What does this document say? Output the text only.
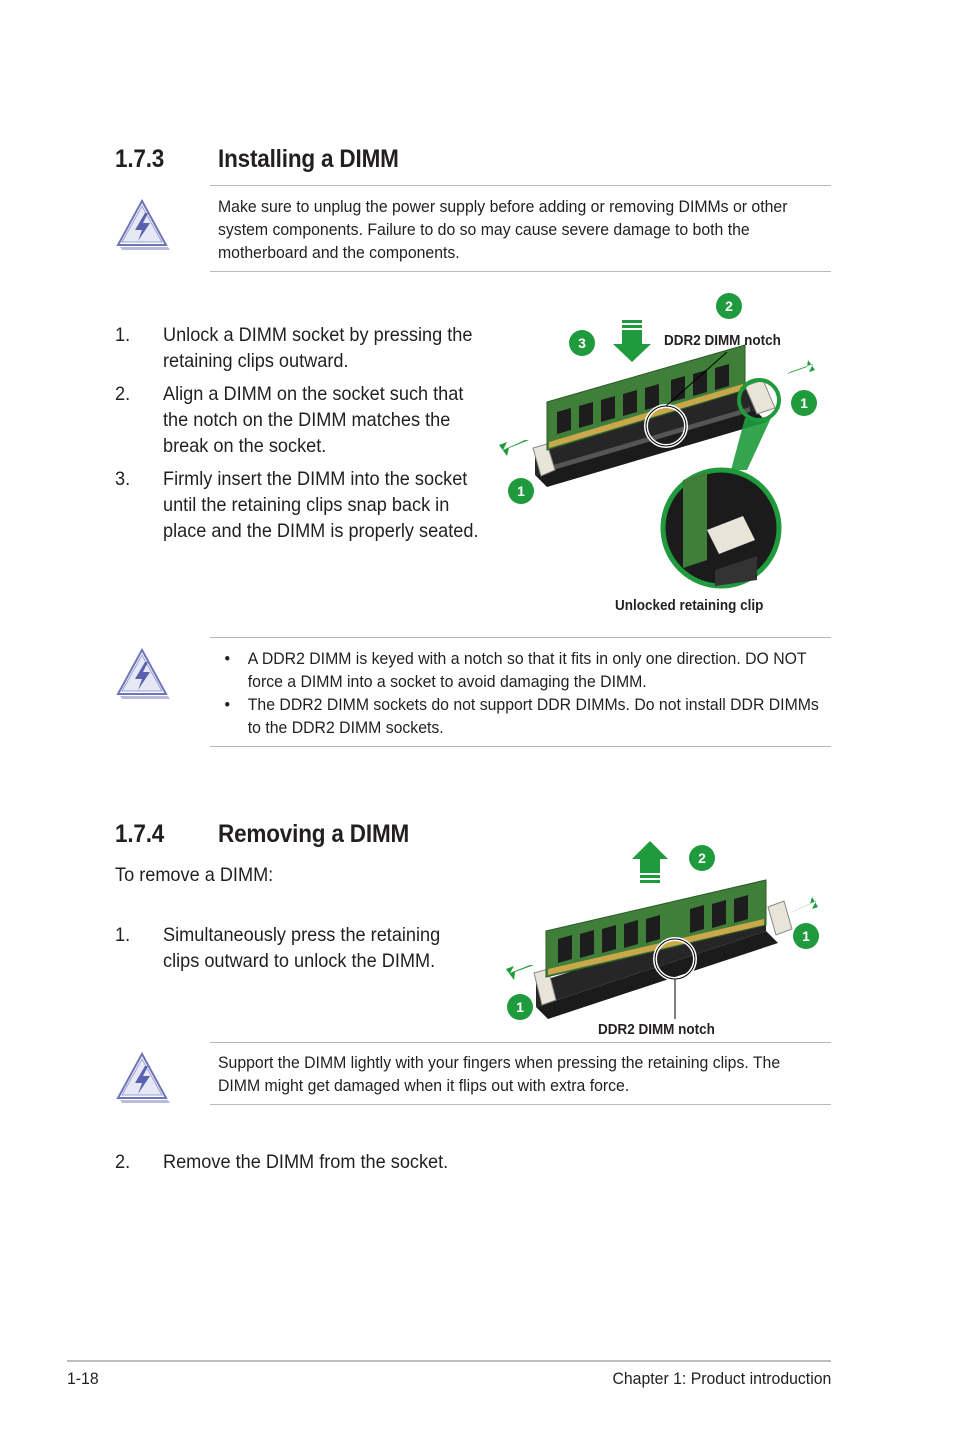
1.7.3 Installing a DIMM
Make sure to unplug the power supply before adding or removing DIMMs or other system components. Failure to do so may cause severe damage to both the motherboard and the components.
1. Unlock a DIMM socket by pressing the retaining clips outward.
2. Align a DIMM on the socket such that the notch on the DIMM matches the break on the socket.
3. Firmly insert the DIMM into the socket until the retaining clips snap back in place and the DIMM is properly seated.
2
3
1
1
DDR2 DIMM notch
Unlocked retaining clip
• A DDR2 DIMM is keyed with a notch so that it fits in only one direction. DO NOT force a DIMM into a socket to avoid damaging the DIMM.
• The DDR2 DIMM sockets do not support DDR DIMMs. Do not install DDR DIMMs to the DDR2 DIMM sockets.
1.7.4 Removing a DIMM
To remove a DIMM:
1. Simultaneously press the retaining clips outward to unlock the DIMM.
2
1
1
DDR2 DIMM notch
Support the DIMM lightly with your fingers when pressing the retaining clips. The DIMM might get damaged when it flips out with extra force.
2. Remove the DIMM from the socket.
1-18	Chapter 1: Product introduction
